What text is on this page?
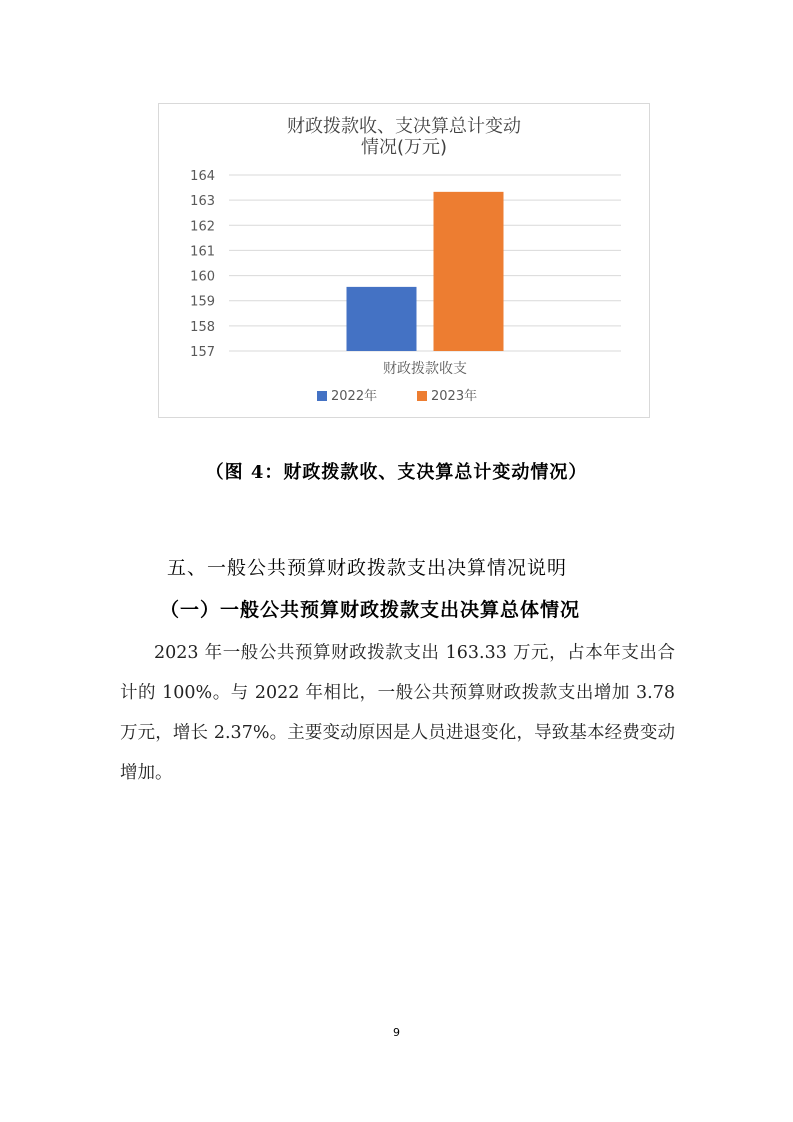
财政拨款收、支决算总计变动
情况(万元)
157
158
159
160
161
162
163
164
财政拨款收支
2022年	2023年
（图 4：财政拨款收、支决算总计变动情况）
五、一般公共预算财政拨款支出决算情况说明
（一）一般公共预算财政拨款支出决算总体情况
2023 年一般公共预算财政拨款支出 163.33 万元，占本年支出合计的 100%。与 2022 年相比，一般公共预算财政拨款支出增加 3.78 万元，增长 2.37%。主要变动原因是人员进退变化，导致基本经费变动增加。
9
